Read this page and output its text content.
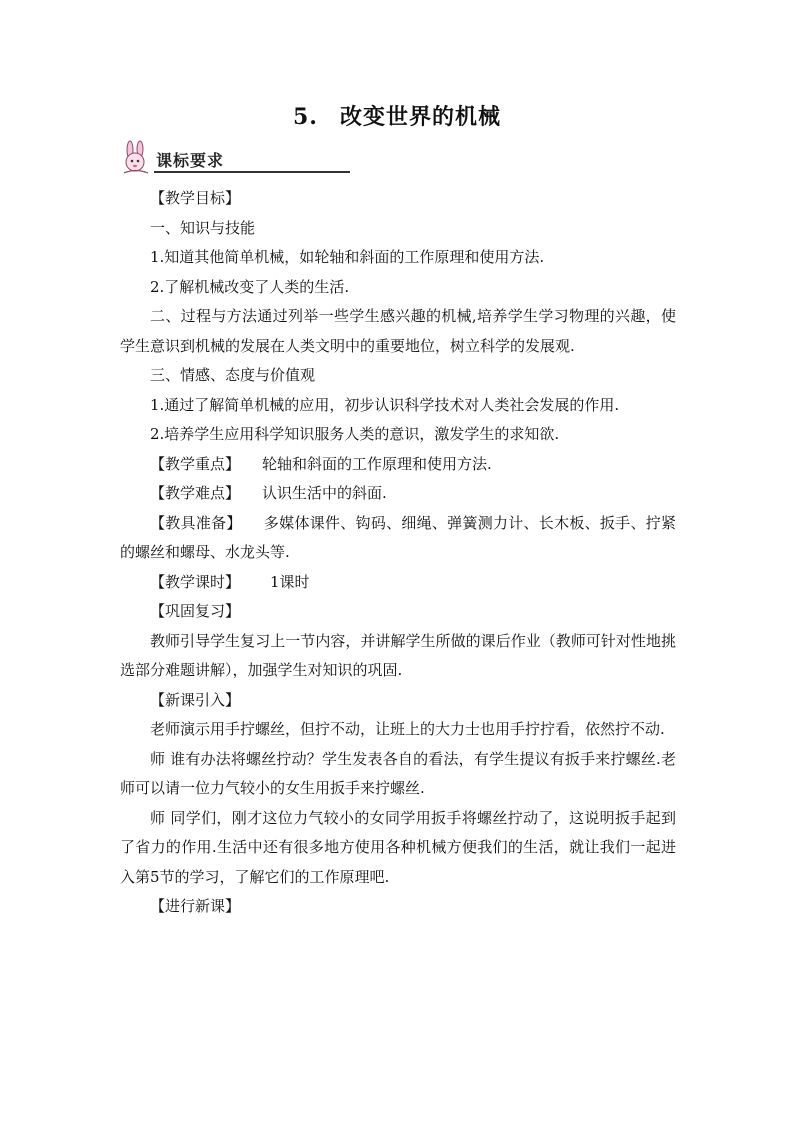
5. 改变世界的机械
课标要求

【教学目标】

一、知识与技能

1.知道其他简单机械，如轮轴和斜面的工作原理和使用方法.

2.了解机械改变了人类的生活.

二、过程与方法通过列举一些学生感兴趣的机械,培养学生学习物理的兴趣，使学生意识到机械的发展在人类文明中的重要地位，树立科学的发展观.

三、情感、态度与价值观

1.通过了解简单机械的应用，初步认识科学技术对人类社会发展的作用.

2.培养学生应用科学知识服务人类的意识，激发学生的求知欲.

【教学重点】 轮轴和斜面的工作原理和使用方法.

【教学难点】 认识生活中的斜面.

【教具准备】 多媒体课件、钩码、细绳、弹簧测力计、长木板、扳手、拧紧的螺丝和螺母、水龙头等.

【教学课时】 1课时

【巩固复习】

教师引导学生复习上一节内容，并讲解学生所做的课后作业（教师可针对性地挑选部分难题讲解），加强学生对知识的巩固.

【新课引入】

老师演示用手拧螺丝，但拧不动，让班上的大力士也用手拧拧看，依然拧不动.

师 谁有办法将螺丝拧动？学生发表各自的看法，有学生提议有扳手来拧螺丝.老师可以请一位力气较小的女生用扳手来拧螺丝.

师 同学们，刚才这位力气较小的女同学用扳手将螺丝拧动了，这说明扳手起到了省力的作用.生活中还有很多地方使用各种机械方便我们的生活，就让我们一起进入第5节的学习，了解它们的工作原理吧.

【进行新课】
